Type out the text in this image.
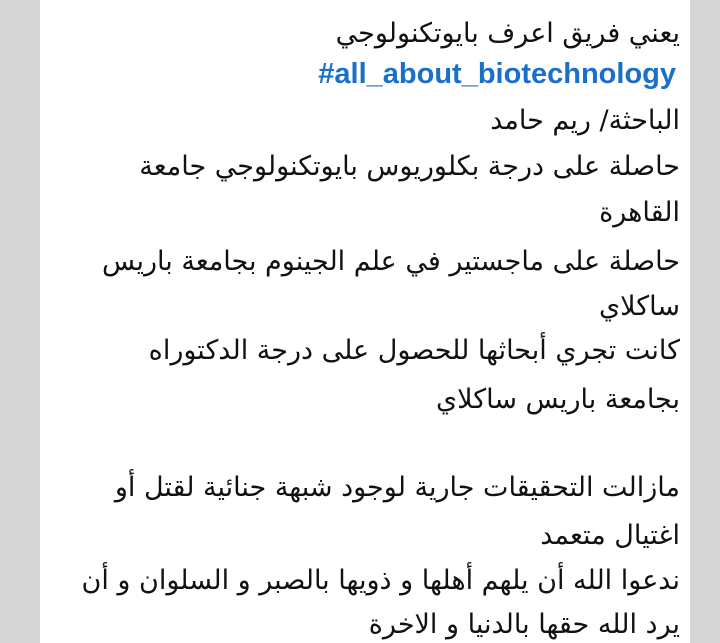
يعني فريق اعرف بايوتكنولوجي
#all_about_biotechnology
الباحثة/ ريم حامد
حاصلة على درجة بكلوريوس بايوتكنولوجي جامعة
القاهرة
حاصلة على ماجستير في علم الجينوم بجامعة باريس
ساكلاي
كانت تجري أبحاثها للحصول على درجة الدكتوراه
بجامعة باريس ساكلاي
مازالت التحقيقات جارية لوجود شبهة جنائية لقتل أو
اغتيال متعمد
ندعوا الله أن يلهم أهلها و ذويها بالصبر و السلوان و أن
يرد الله حقها بالدنيا و الاخرة
